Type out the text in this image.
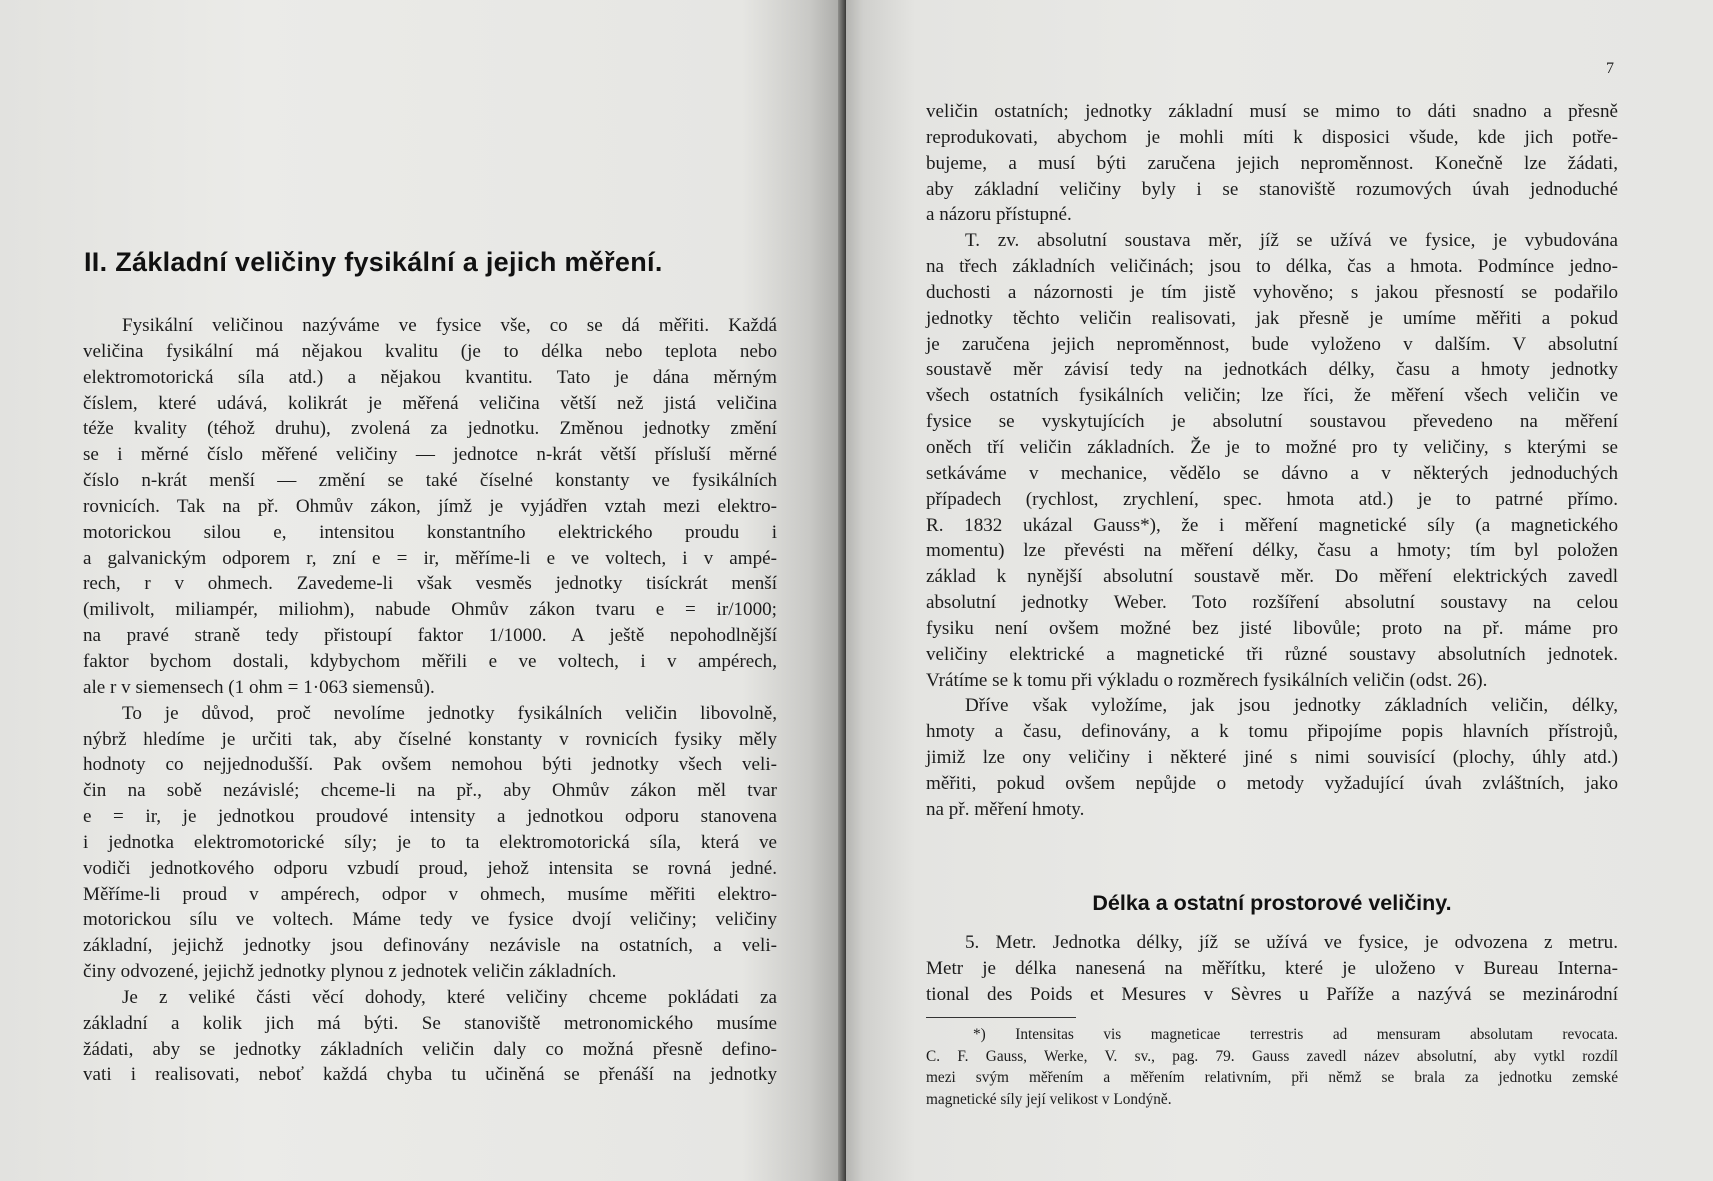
II. Základní veličiny fysikální a jejich měření.
Fysikální veličinou nazýváme ve fysice vše, co se dá měřiti. Každá
veličina fysikální má nějakou kvalitu (je to délka nebo teplota nebo
elektromotorická síla atd.) a nějakou kvantitu. Tato je dána měrným
číslem, které udává, kolikrát je měřená veličina větší než jistá veličina
téže kvality (téhož druhu), zvolená za jednotku. Změnou jednotky změní
se i měrné číslo měřené veličiny — jednotce n-krát větší přísluší měrné
číslo n-krát menší — změní se také číselné konstanty ve fysikálních
rovnicích. Tak na př. Ohmův zákon, jímž je vyjádřen vztah mezi elektro-
motorickou silou e, intensitou konstantního elektrického proudu i
a galvanickým odporem r, zní e = ir, měříme-li e ve voltech, i v ampé-
rech, r v ohmech. Zavedeme-li však vesměs jednotky tisíckrát menší
(milivolt, miliampér, miliohm), nabude Ohmův zákon tvaru e = ir/1000;
na pravé straně tedy přistoupí faktor 1/1000. A ještě nepohodlnější
faktor bychom dostali, kdybychom měřili e ve voltech, i v ampérech,
ale r v siemensech (1 ohm = 1·063 siemensů).
To je důvod, proč nevolíme jednotky fysikálních veličin libovolně,
nýbrž hledíme je určiti tak, aby číselné konstanty v rovnicích fysiky měly
hodnoty co nejjednodušší. Pak ovšem nemohou býti jednotky všech veli-
čin na sobě nezávislé; chceme-li na př., aby Ohmův zákon měl tvar
e = ir, je jednotkou proudové intensity a jednotkou odporu stanovena
i jednotka elektromotorické síly; je to ta elektromotorická síla, která ve
vodiči jednotkového odporu vzbudí proud, jehož intensita se rovná jedné.
Měříme-li proud v ampérech, odpor v ohmech, musíme měřiti elektro-
motorickou sílu ve voltech. Máme tedy ve fysice dvojí veličiny; veličiny
základní, jejichž jednotky jsou definovány nezávisle na ostatních, a veli-
činy odvozené, jejichž jednotky plynou z jednotek veličin základních.
Je z veliké části věcí dohody, které veličiny chceme pokládati za
základní a kolik jich má býti. Se stanoviště metronomického musíme
žádati, aby se jednotky základních veličin daly co možná přesně defino-
vati i realisovati, neboť každá chyba tu učiněná se přenáší na jednotky
7
veličin ostatních; jednotky základní musí se mimo to dáti snadno a přesně
reprodukovati, abychom je mohli míti k disposici všude, kde jich potře-
bujeme, a musí býti zaručena jejich neproměnnost. Konečně lze žádati,
aby základní veličiny byly i se stanoviště rozumových úvah jednoduché
a názoru přístupné.
T. zv. absolutní soustava měr, jíž se užívá ve fysice, je vybudována
na třech základních veličinách; jsou to délka, čas a hmota. Podmínce jedno-
duchosti a názornosti je tím jistě vyhověno; s jakou přesností se podařilo
jednotky těchto veličin realisovati, jak přesně je umíme měřiti a pokud
je zaručena jejich neproměnnost, bude vyloženo v dalším. V absolutní
soustavě měr závisí tedy na jednotkách délky, času a hmoty jednotky
všech ostatních fysikálních veličin; lze říci, že měření všech veličin ve
fysice se vyskytujících je absolutní soustavou převedeno na měření
oněch tří veličin základních. Že je to možné pro ty veličiny, s kterými se
setkáváme v mechanice, vědělo se dávno a v některých jednoduchých
případech (rychlost, zrychlení, spec. hmota atd.) je to patrné přímo.
R. 1832 ukázal Gauss*), že i měření magnetické síly (a magnetického
momentu) lze převésti na měření délky, času a hmoty; tím byl položen
základ k nynější absolutní soustavě měr. Do měření elektrických zavedl
absolutní jednotky Weber. Toto rozšíření absolutní soustavy na celou
fysiku není ovšem možné bez jisté libovůle; proto na př. máme pro
veličiny elektrické a magnetické tři různé soustavy absolutních jednotek.
Vrátíme se k tomu při výkladu o rozměrech fysikálních veličin (odst. 26).
Dříve však vyložíme, jak jsou jednotky základních veličin, délky,
hmoty a času, definovány, a k tomu připojíme popis hlavních přístrojů,
jimiž lze ony veličiny i některé jiné s nimi souvisící (plochy, úhly atd.)
měřiti, pokud ovšem nepůjde o metody vyžadující úvah zvláštních, jako
na př. měření hmoty.
Délka a ostatní prostorové veličiny.
5. Metr. Jednotka délky, jíž se užívá ve fysice, je odvozena z metru.
Metr je délka nanesená na měřítku, které je uloženo v Bureau Interna-
tional des Poids et Mesures v Sèvres u Paříže a nazývá se mezinárodní
*) Intensitas vis magneticae terrestris ad mensuram absolutam revocata.
C. F. Gauss, Werke, V. sv., pag. 79. Gauss zavedl název absolutní, aby vytkl rozdíl
mezi svým měřením a měřením relativním, při němž se brala za jednotku zemské
magnetické síly její velikost v Londýně.
